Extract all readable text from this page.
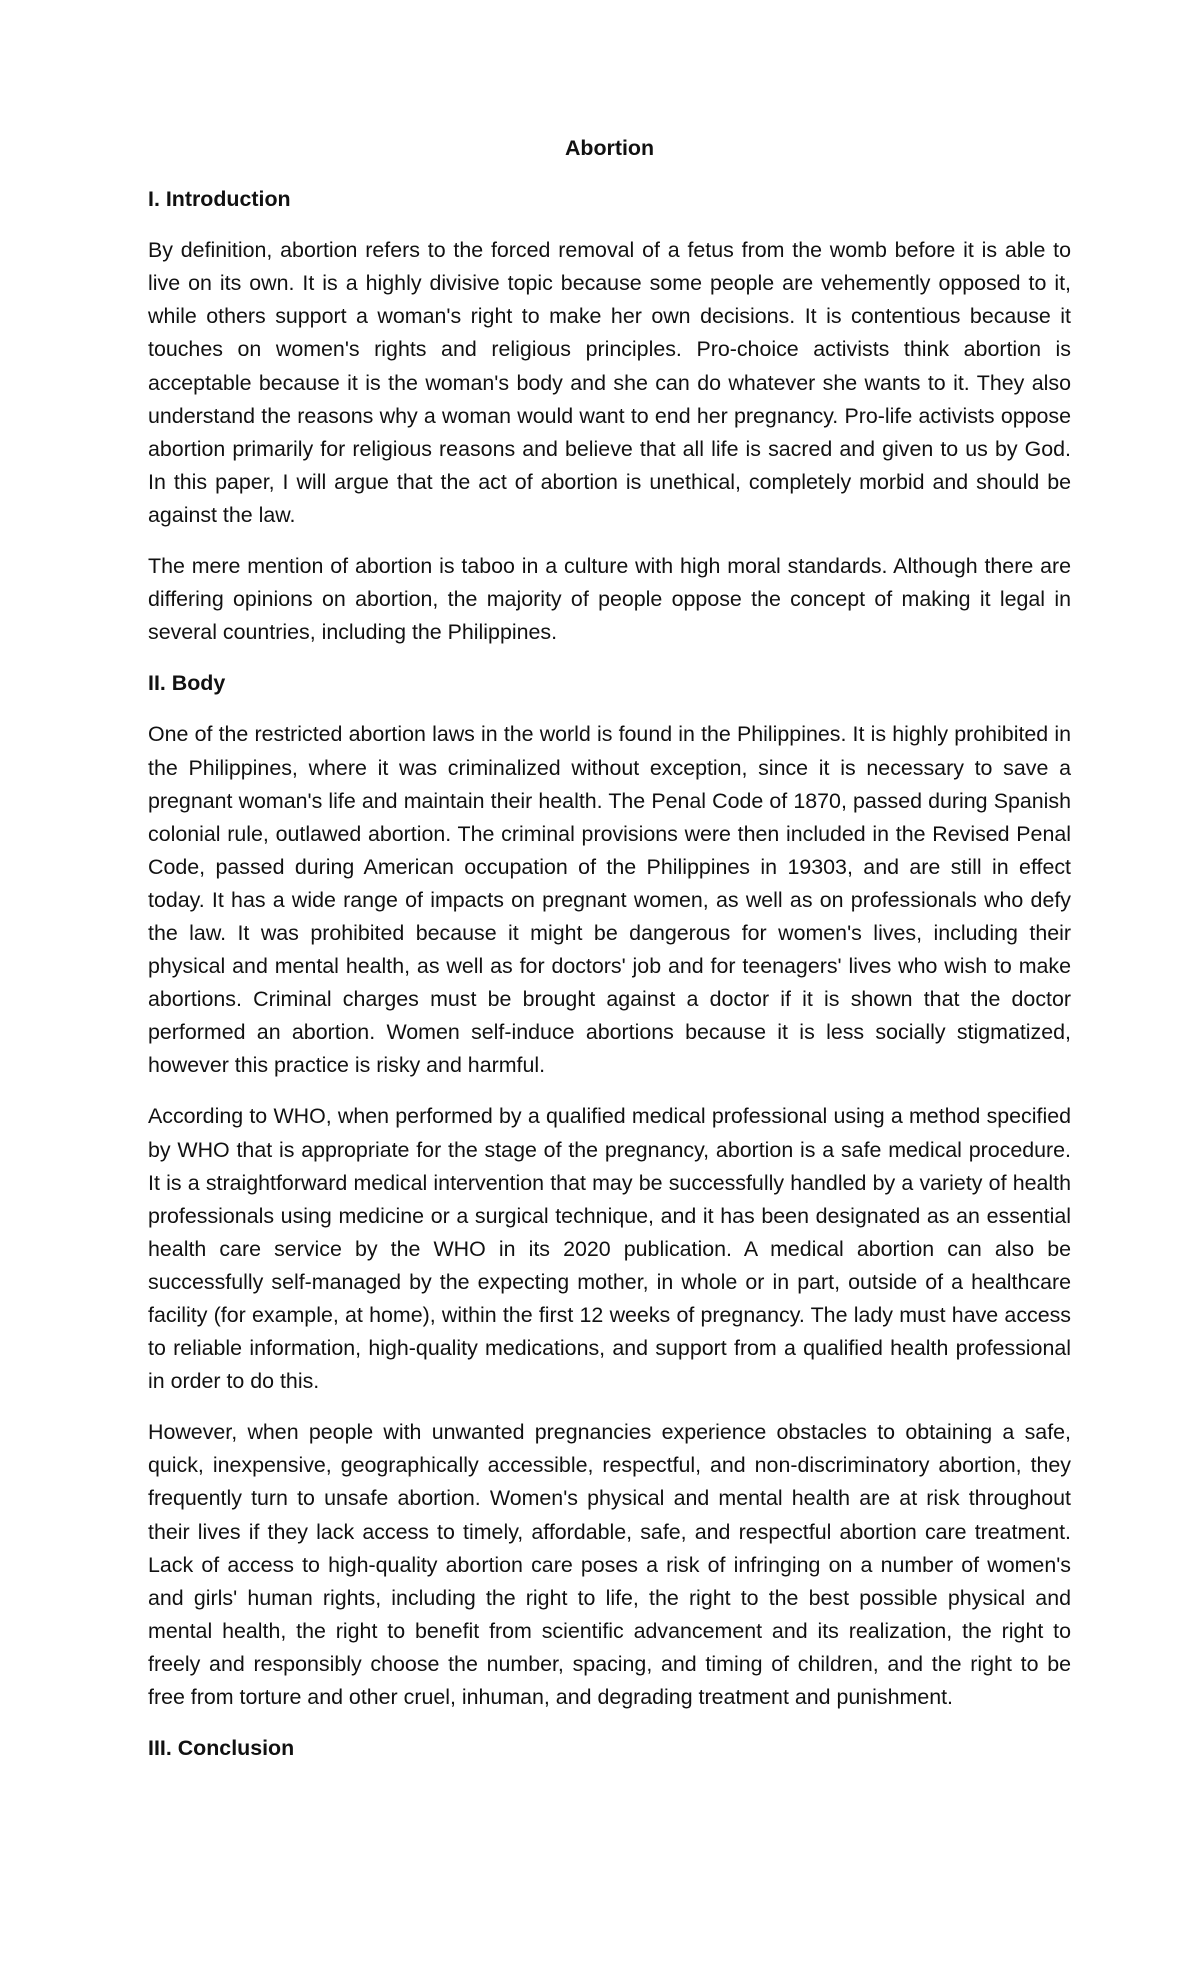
Abortion
I. Introduction

By definition, abortion refers to the forced removal of a fetus from the womb before it is able to live on its own. It is a highly divisive topic because some people are vehemently opposed to it, while others support a woman's right to make her own decisions. It is contentious because it touches on women's rights and religious principles. Pro-choice activists think abortion is acceptable because it is the woman's body and she can do whatever she wants to it. They also understand the reasons why a woman would want to end her pregnancy. Pro-life activists oppose abortion primarily for religious reasons and believe that all life is sacred and given to us by God. In this paper, I will argue that the act of abortion is unethical, completely morbid and should be against the law.

The mere mention of abortion is taboo in a culture with high moral standards. Although there are differing opinions on abortion, the majority of people oppose the concept of making it legal in several countries, including the Philippines.

II. Body

One of the restricted abortion laws in the world is found in the Philippines. It is highly prohibited in the Philippines, where it was criminalized without exception, since it is necessary to save a pregnant woman's life and maintain their health. The Penal Code of 1870, passed during Spanish colonial rule, outlawed abortion. The criminal provisions were then included in the Revised Penal Code, passed during American occupation of the Philippines in 19303, and are still in effect today. It has a wide range of impacts on pregnant women, as well as on professionals who defy the law. It was prohibited because it might be dangerous for women's lives, including their physical and mental health, as well as for doctors' job and for teenagers' lives who wish to make abortions. Criminal charges must be brought against a doctor if it is shown that the doctor performed an abortion. Women self-induce abortions because it is less socially stigmatized, however this practice is risky and harmful.

According to WHO, when performed by a qualified medical professional using a method specified by WHO that is appropriate for the stage of the pregnancy, abortion is a safe medical procedure. It is a straightforward medical intervention that may be successfully handled by a variety of health professionals using medicine or a surgical technique, and it has been designated as an essential health care service by the WHO in its 2020 publication. A medical abortion can also be successfully self-managed by the expecting mother, in whole or in part, outside of a healthcare facility (for example, at home), within the first 12 weeks of pregnancy. The lady must have access to reliable information, high-quality medications, and support from a qualified health professional in order to do this.

However, when people with unwanted pregnancies experience obstacles to obtaining a safe, quick, inexpensive, geographically accessible, respectful, and non-discriminatory abortion, they frequently turn to unsafe abortion. Women's physical and mental health are at risk throughout their lives if they lack access to timely, affordable, safe, and respectful abortion care treatment. Lack of access to high-quality abortion care poses a risk of infringing on a number of women's and girls' human rights, including the right to life, the right to the best possible physical and mental health, the right to benefit from scientific advancement and its realization, the right to freely and responsibly choose the number, spacing, and timing of children, and the right to be free from torture and other cruel, inhuman, and degrading treatment and punishment.

III. Conclusion
